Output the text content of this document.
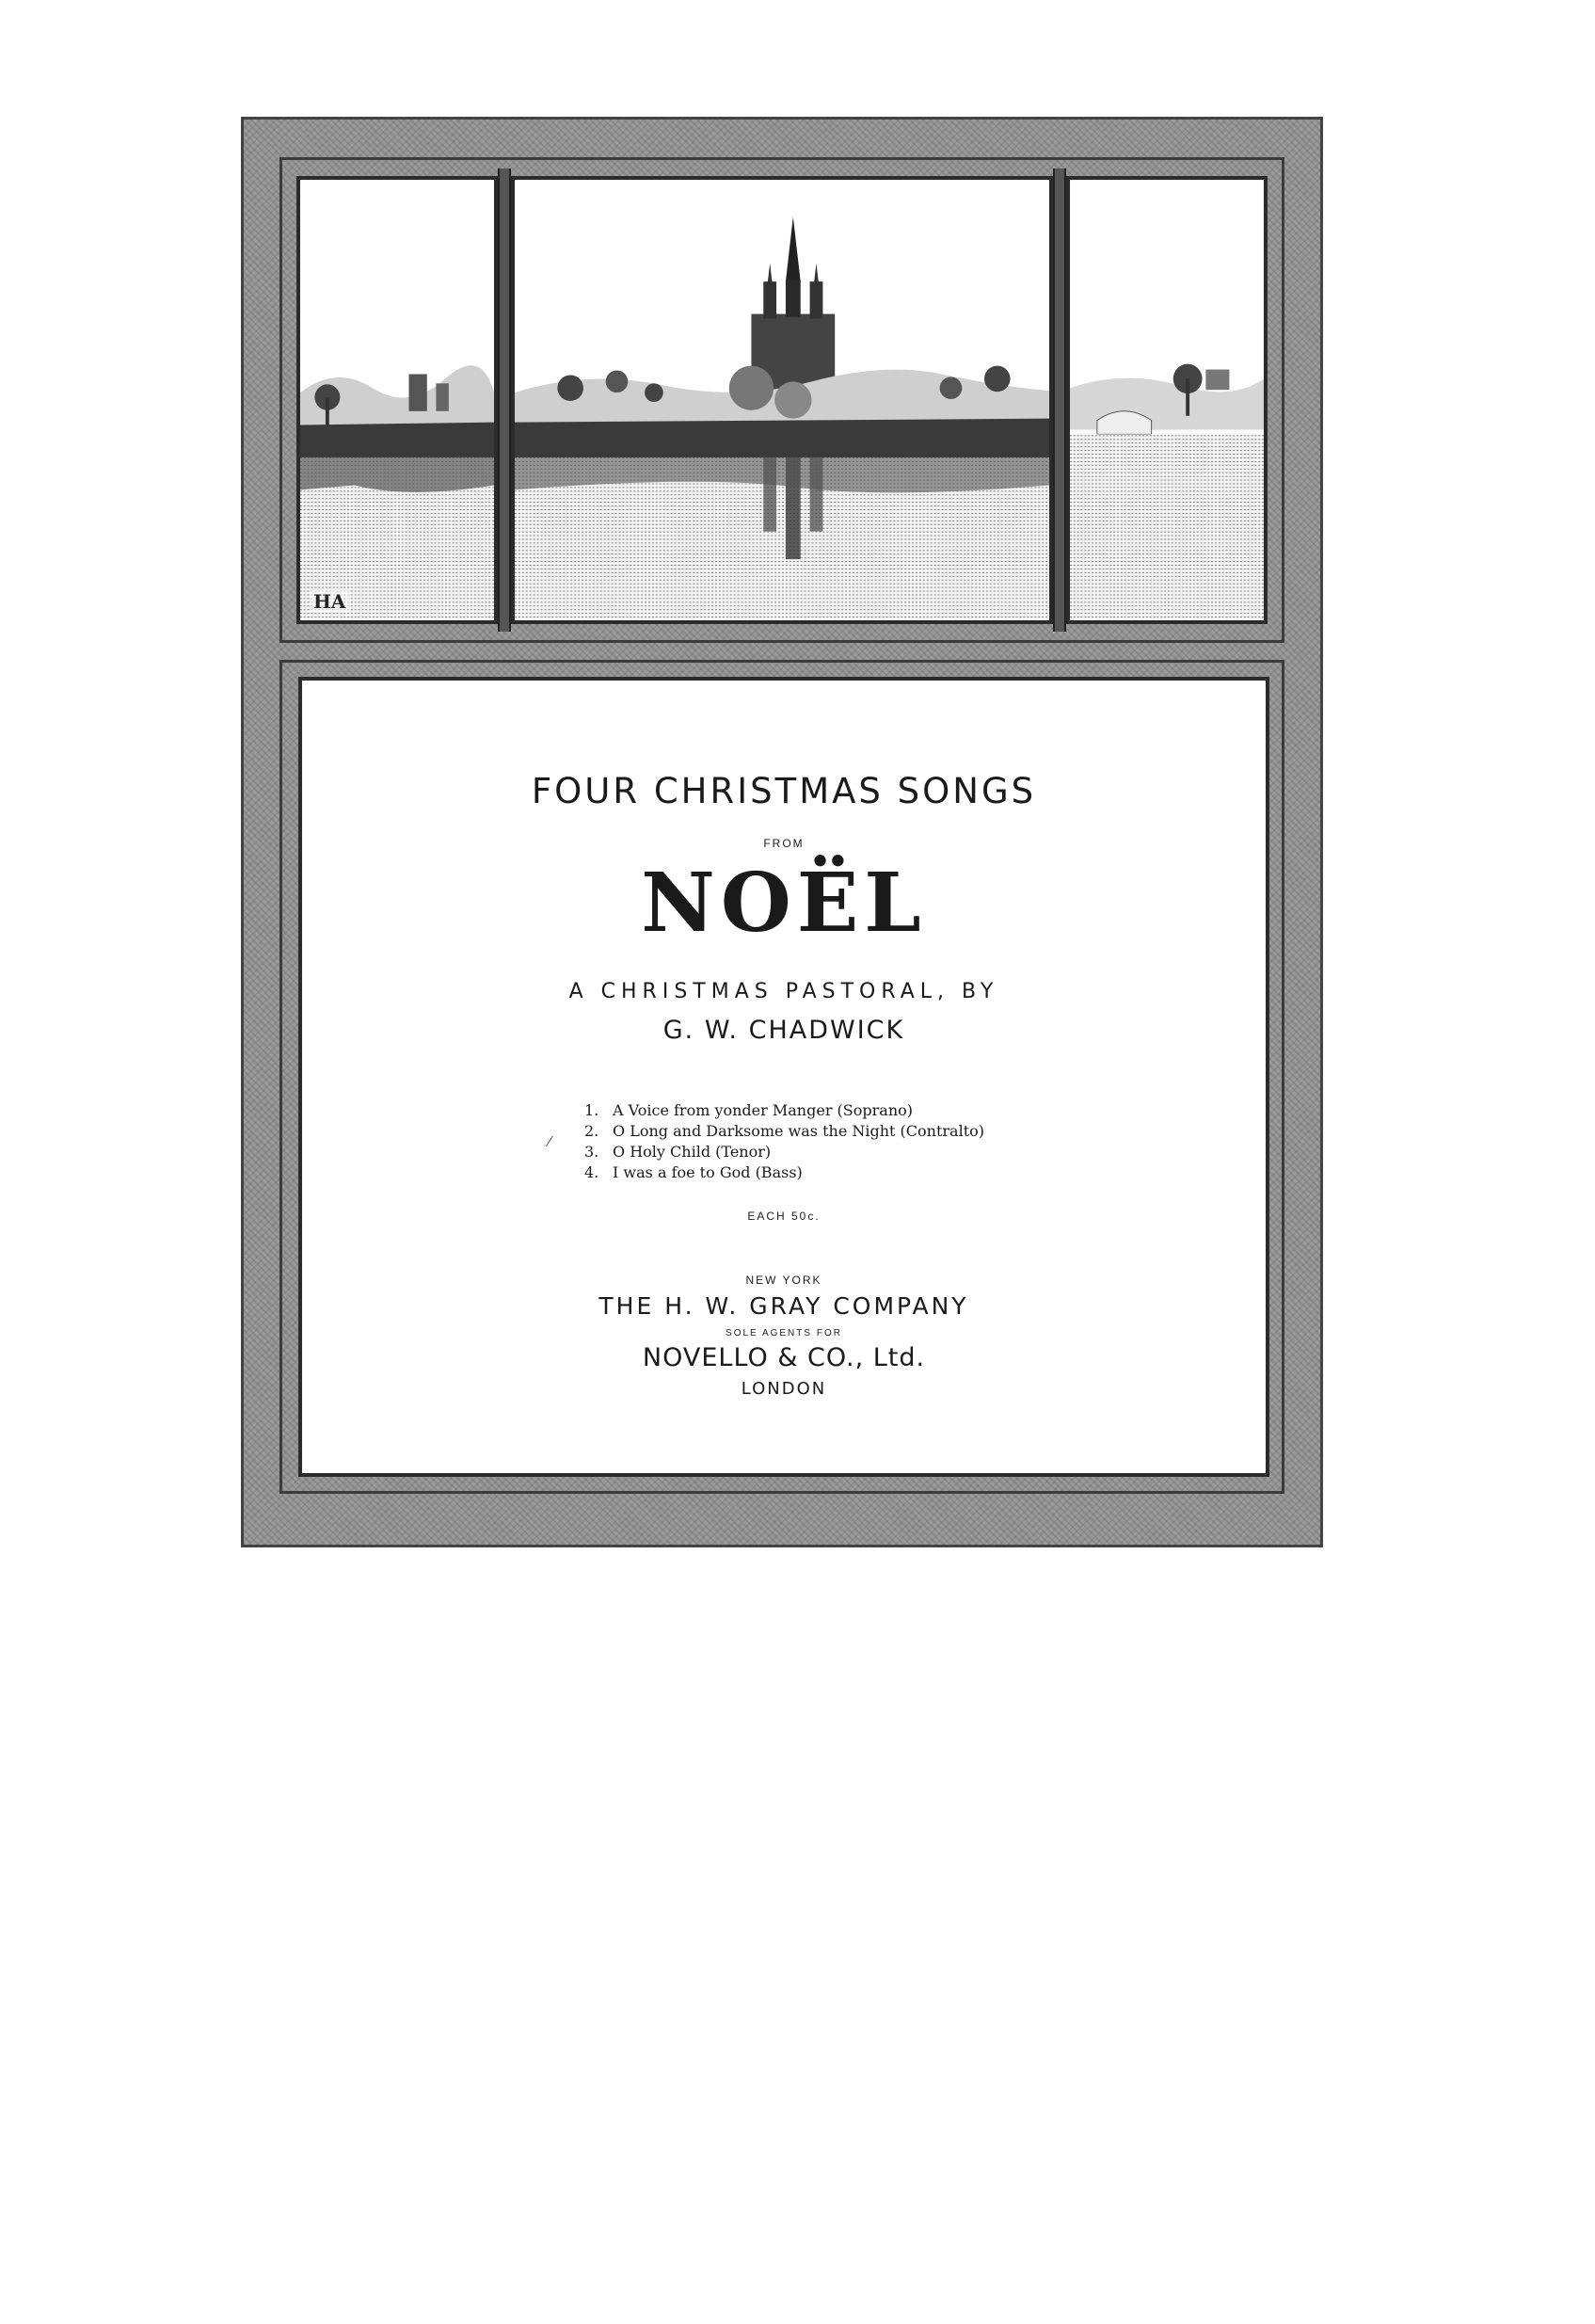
HA
FOUR CHRISTMAS SONGS
FROM
NOËL
A CHRISTMAS PASTORAL, BY
G. W. CHADWICK
⁄
1. A Voice from yonder Manger (Soprano)
2. O Long and Darksome was the Night (Contralto)
3. O Holy Child (Tenor)
4. I was a foe to God (Bass)
EACH 50c.
NEW YORK
THE H. W. GRAY COMPANY
SOLE AGENTS FOR
NOVELLO & CO., Ltd.
LONDON
